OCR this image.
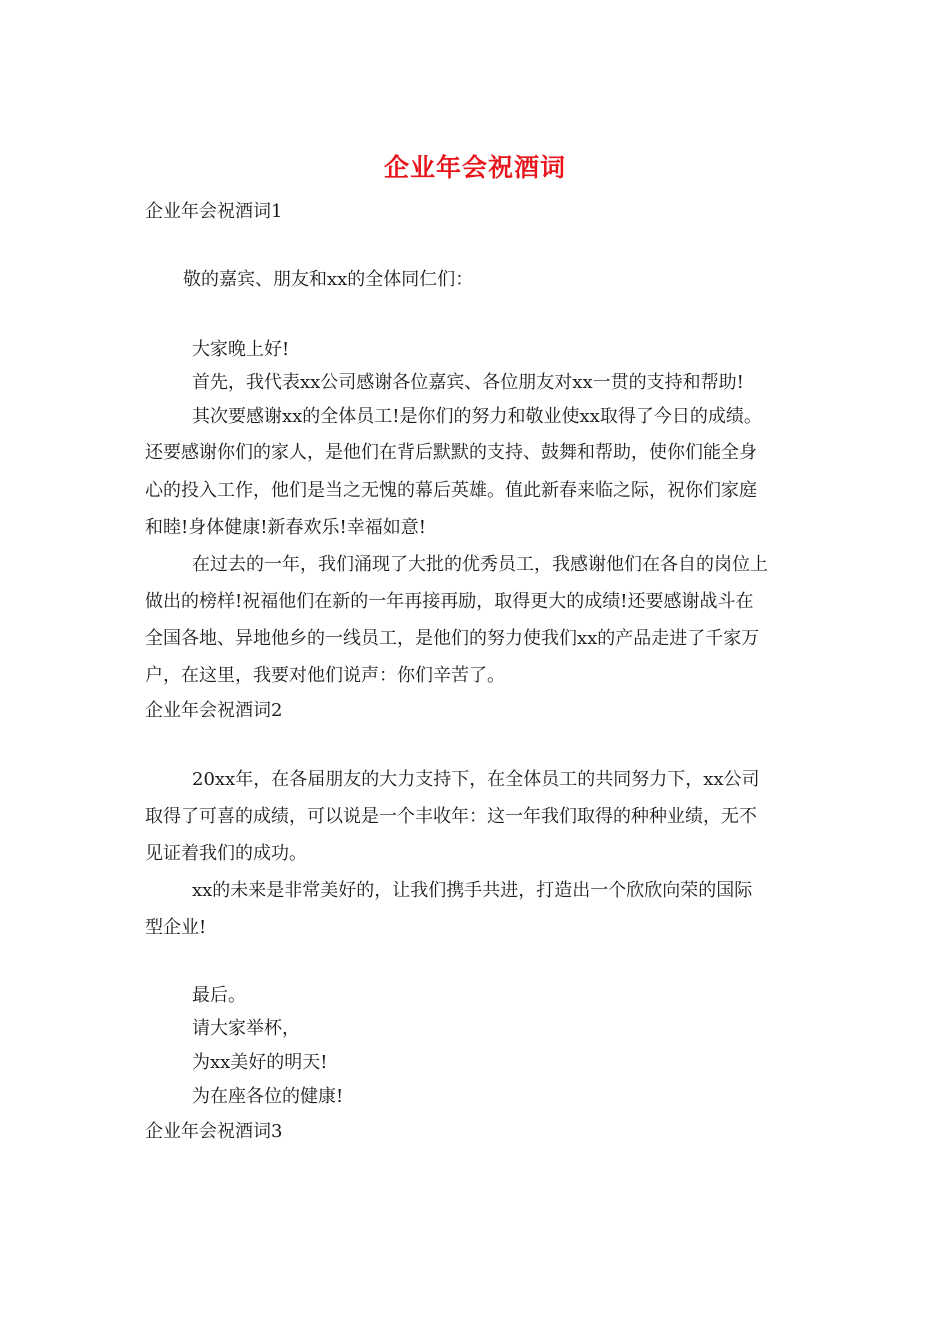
企业年会祝酒词
企业年会祝酒词1
敬的嘉宾、朋友和xx的全体同仁们：
大家晚上好!
首先，我代表xx公司感谢各位嘉宾、各位朋友对xx一贯的支持和帮助!
其次要感谢xx的全体员工!是你们的努力和敬业使xx取得了今日的成绩。
还要感谢你们的家人，是他们在背后默默的支持、鼓舞和帮助，使你们能全身
心的投入工作，他们是当之无愧的幕后英雄。值此新春来临之际，祝你们家庭
和睦!身体健康!新春欢乐!幸福如意!
在过去的一年，我们涌现了大批的优秀员工，我感谢他们在各自的岗位上
做出的榜样!祝福他们在新的一年再接再励，取得更大的成绩!还要感谢战斗在
全国各地、异地他乡的一线员工，是他们的努力使我们xx的产品走进了千家万
户，在这里，我要对他们说声：你们辛苦了。
企业年会祝酒词2
20xx年，在各届朋友的大力支持下，在全体员工的共同努力下，xx公司
取得了可喜的成绩，可以说是一个丰收年：这一年我们取得的种种业绩，无不
见证着我们的成功。
xx的未来是非常美好的，让我们携手共进，打造出一个欣欣向荣的国际
型企业!
最后。
请大家举杯，
为xx美好的明天!
为在座各位的健康!
企业年会祝酒词3
